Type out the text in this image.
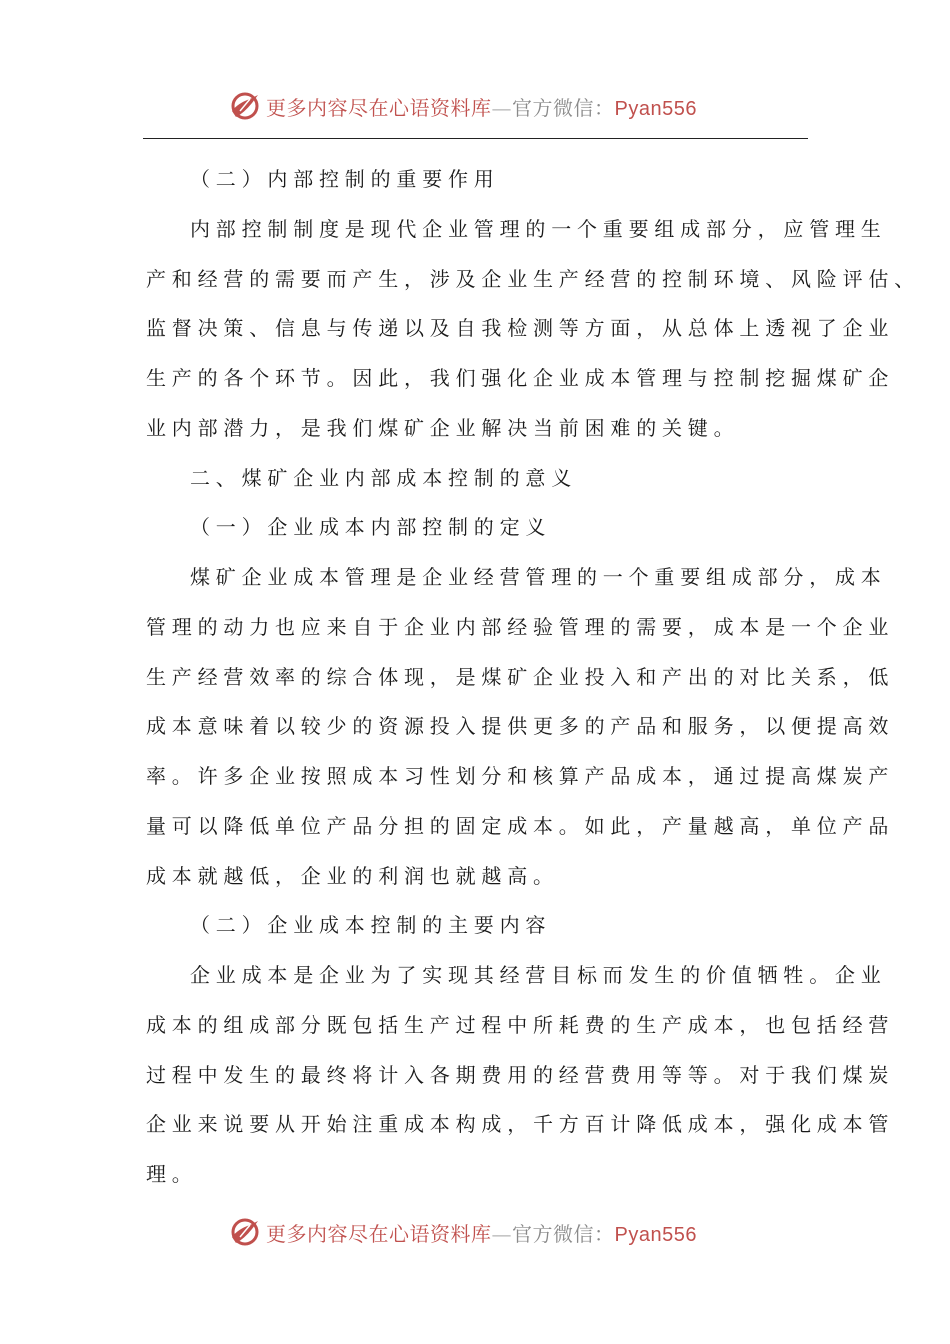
更多内容尽在心语资料库—官方微信：Pyan556
（二）内部控制的重要作用
内部控制制度是现代企业管理的一个重要组成部分，应管理生
产和经营的需要而产生，涉及企业生产经营的控制环境、风险评估、
监督决策、信息与传递以及自我检测等方面，从总体上透视了企业
生产的各个环节。因此，我们强化企业成本管理与控制挖掘煤矿企
业内部潜力，是我们煤矿企业解决当前困难的关键。
二、煤矿企业内部成本控制的意义
（一）企业成本内部控制的定义
煤矿企业成本管理是企业经营管理的一个重要组成部分，成本
管理的动力也应来自于企业内部经验管理的需要，成本是一个企业
生产经营效率的综合体现，是煤矿企业投入和产出的对比关系，低
成本意味着以较少的资源投入提供更多的产品和服务，以便提高效
率。许多企业按照成本习性划分和核算产品成本，通过提高煤炭产
量可以降低单位产品分担的固定成本。如此，产量越高，单位产品
成本就越低，企业的利润也就越高。
（二）企业成本控制的主要内容
企业成本是企业为了实现其经营目标而发生的价值牺牲。企业
成本的组成部分既包括生产过程中所耗费的生产成本，也包括经营
过程中发生的最终将计入各期费用的经营费用等等。对于我们煤炭
企业来说要从开始注重成本构成，千方百计降低成本，强化成本管
理。
更多内容尽在心语资料库—官方微信：Pyan556
